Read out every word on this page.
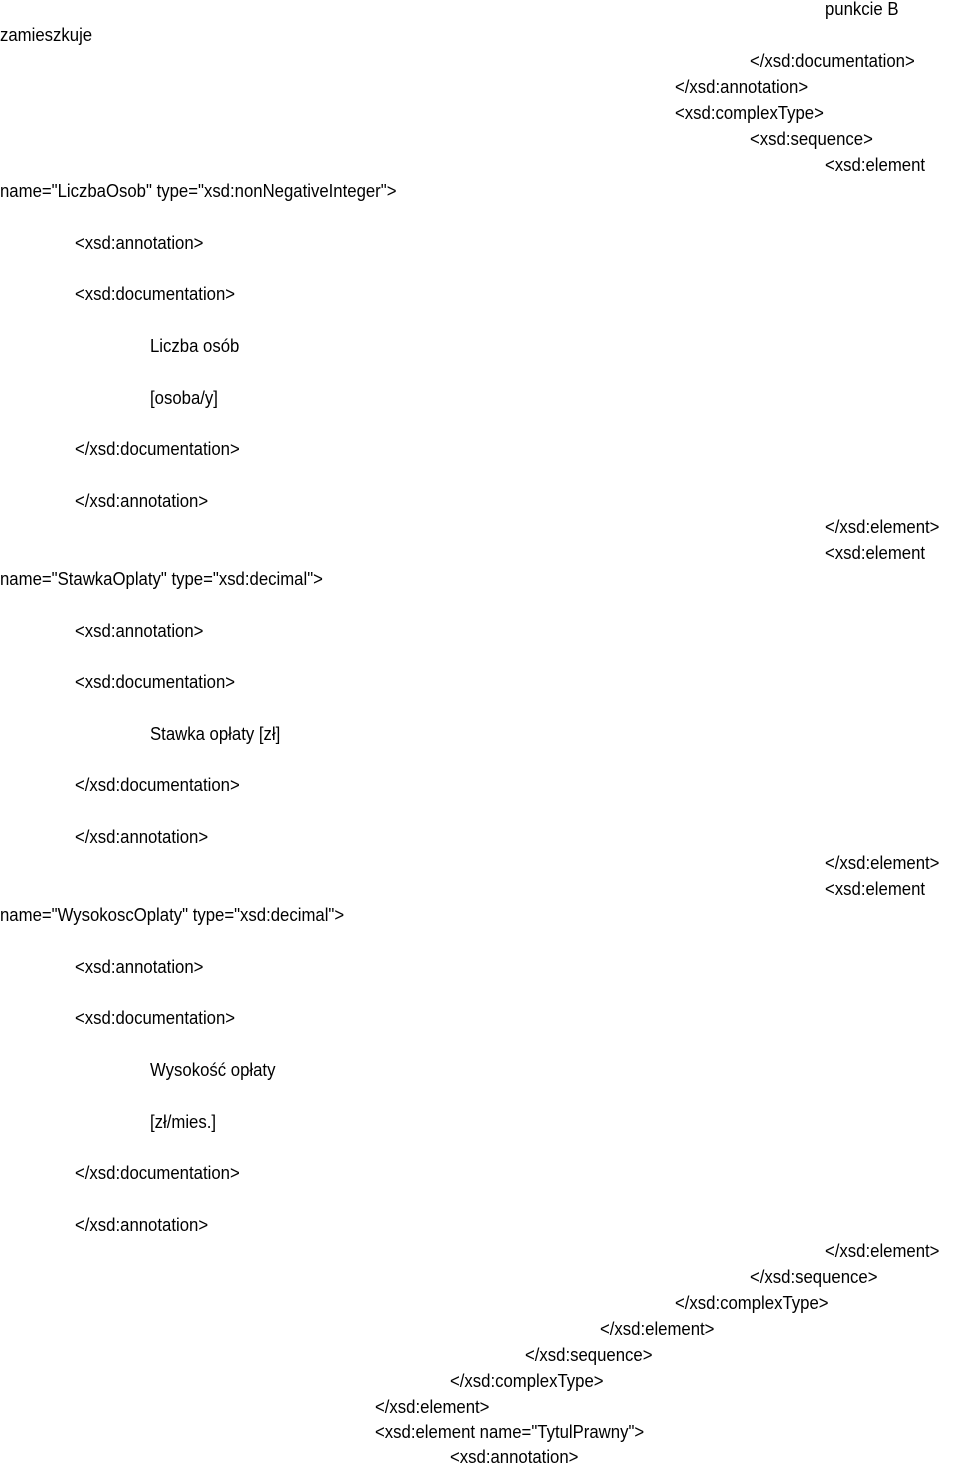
punkcie B
zamieszkuje
</xsd:documentation>
</xsd:annotation>
<xsd:complexType>
<xsd:sequence>
<xsd:element
name="LiczbaOsob" type="xsd:nonNegativeInteger">
<xsd:annotation>
<xsd:documentation>
Liczba osób
[osoba/y]
</xsd:documentation>
</xsd:annotation>
</xsd:element>
<xsd:element
name="StawkaOplaty" type="xsd:decimal">
<xsd:annotation>
<xsd:documentation>
Stawka opłaty [zł]
</xsd:documentation>
</xsd:annotation>
</xsd:element>
<xsd:element
name="WysokoscOplaty" type="xsd:decimal">
<xsd:annotation>
<xsd:documentation>
Wysokość opłaty
[zł/mies.]
</xsd:documentation>
</xsd:annotation>
</xsd:element>
</xsd:sequence>
</xsd:complexType>
</xsd:element>
</xsd:sequence>
</xsd:complexType>
</xsd:element>
<xsd:element name="TytulPrawny">
<xsd:annotation>
